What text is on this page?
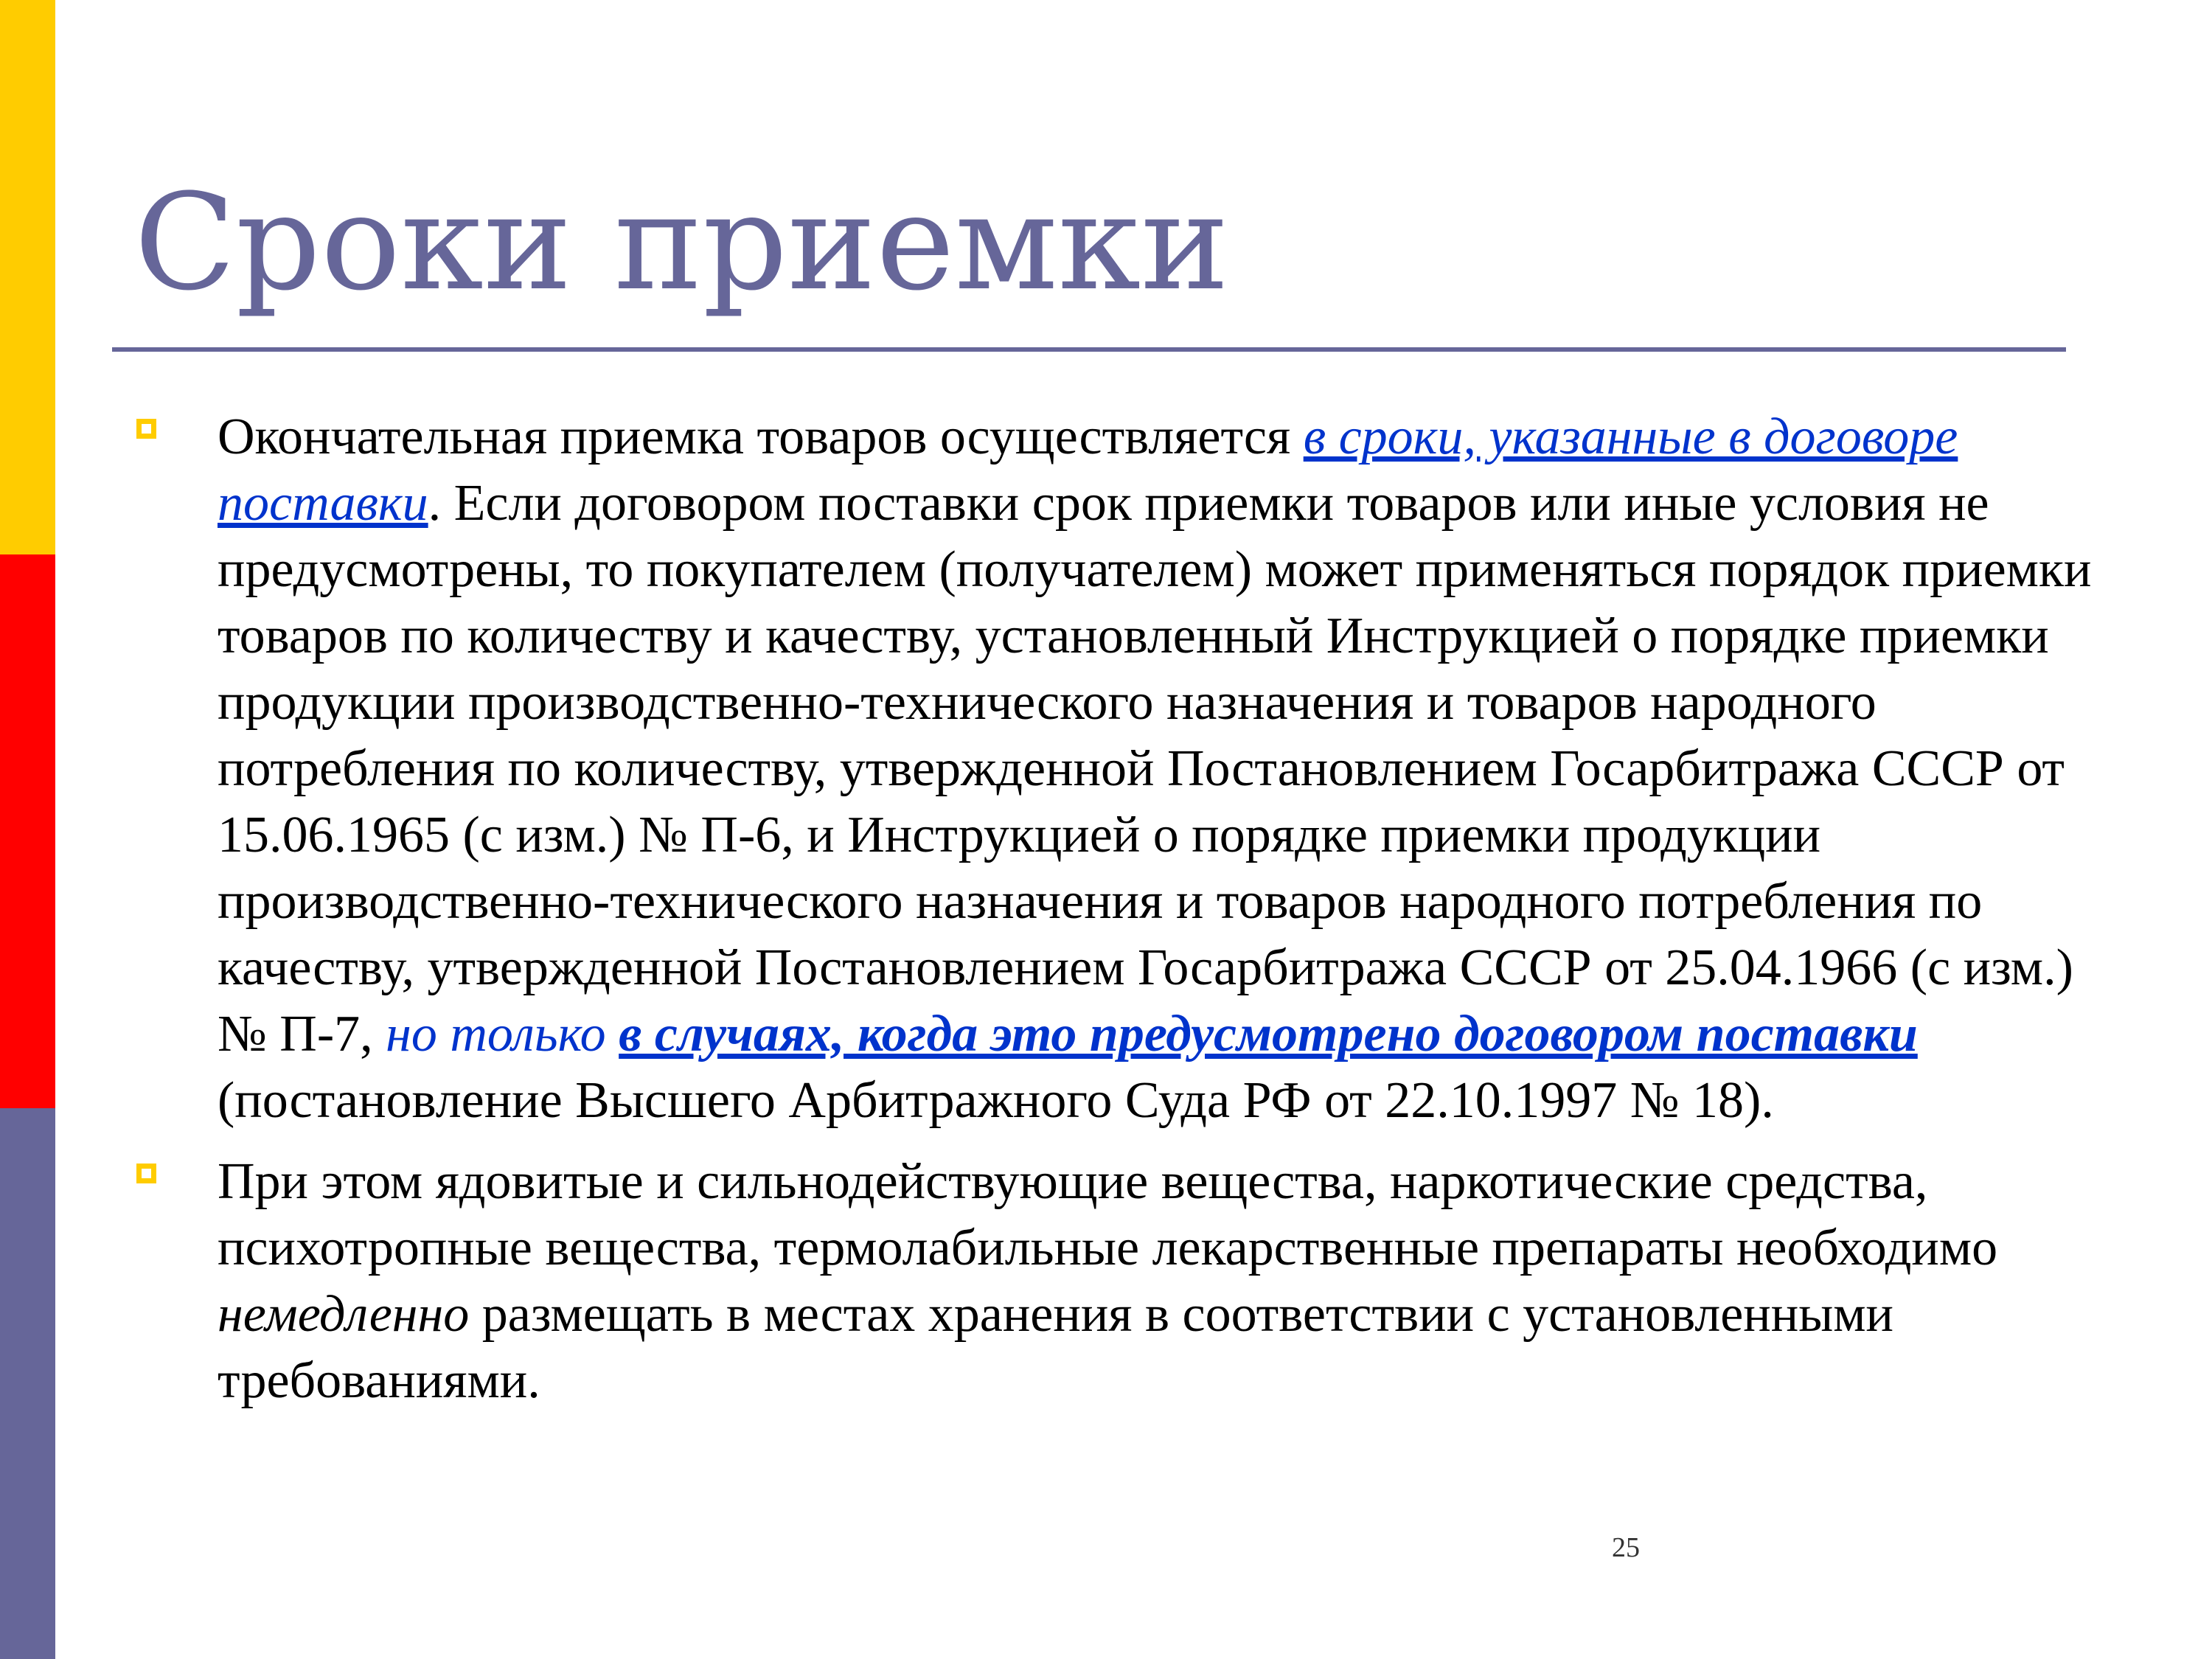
Сроки приемки

Окончательная приемка товаров осуществляется в сроки, указанные в договоре поставки. Если договором поставки срок приемки товаров или иные условия не предусмотрены, то покупателем (получателем) может применяться порядок приемки товаров по количеству и качеству, установленный Инструкцией о порядке приемки продукции производственно-технического назначения и товаров народного потребления по количеству, утвержденной Постановлением Госарбитража СССР от 15.06.1965 (с изм.) № П-6, и Инструкцией о порядке приемки продукции производственно-технического назначения и товаров народного потребления по качеству, утвержденной Постановлением Госарбитража СССР от 25.04.1966 (с изм.) № П-7, но только в случаях, когда это предусмотрено договором поставки (постановление Высшего Арбитражного Суда РФ от 22.10.1997 № 18).

При этом ядовитые и сильнодействующие вещества, наркотические средства, психотропные вещества, термолабильные лекарственные препараты необходимо немедленно размещать в местах хранения в соответствии с установленными требованиями.

25
